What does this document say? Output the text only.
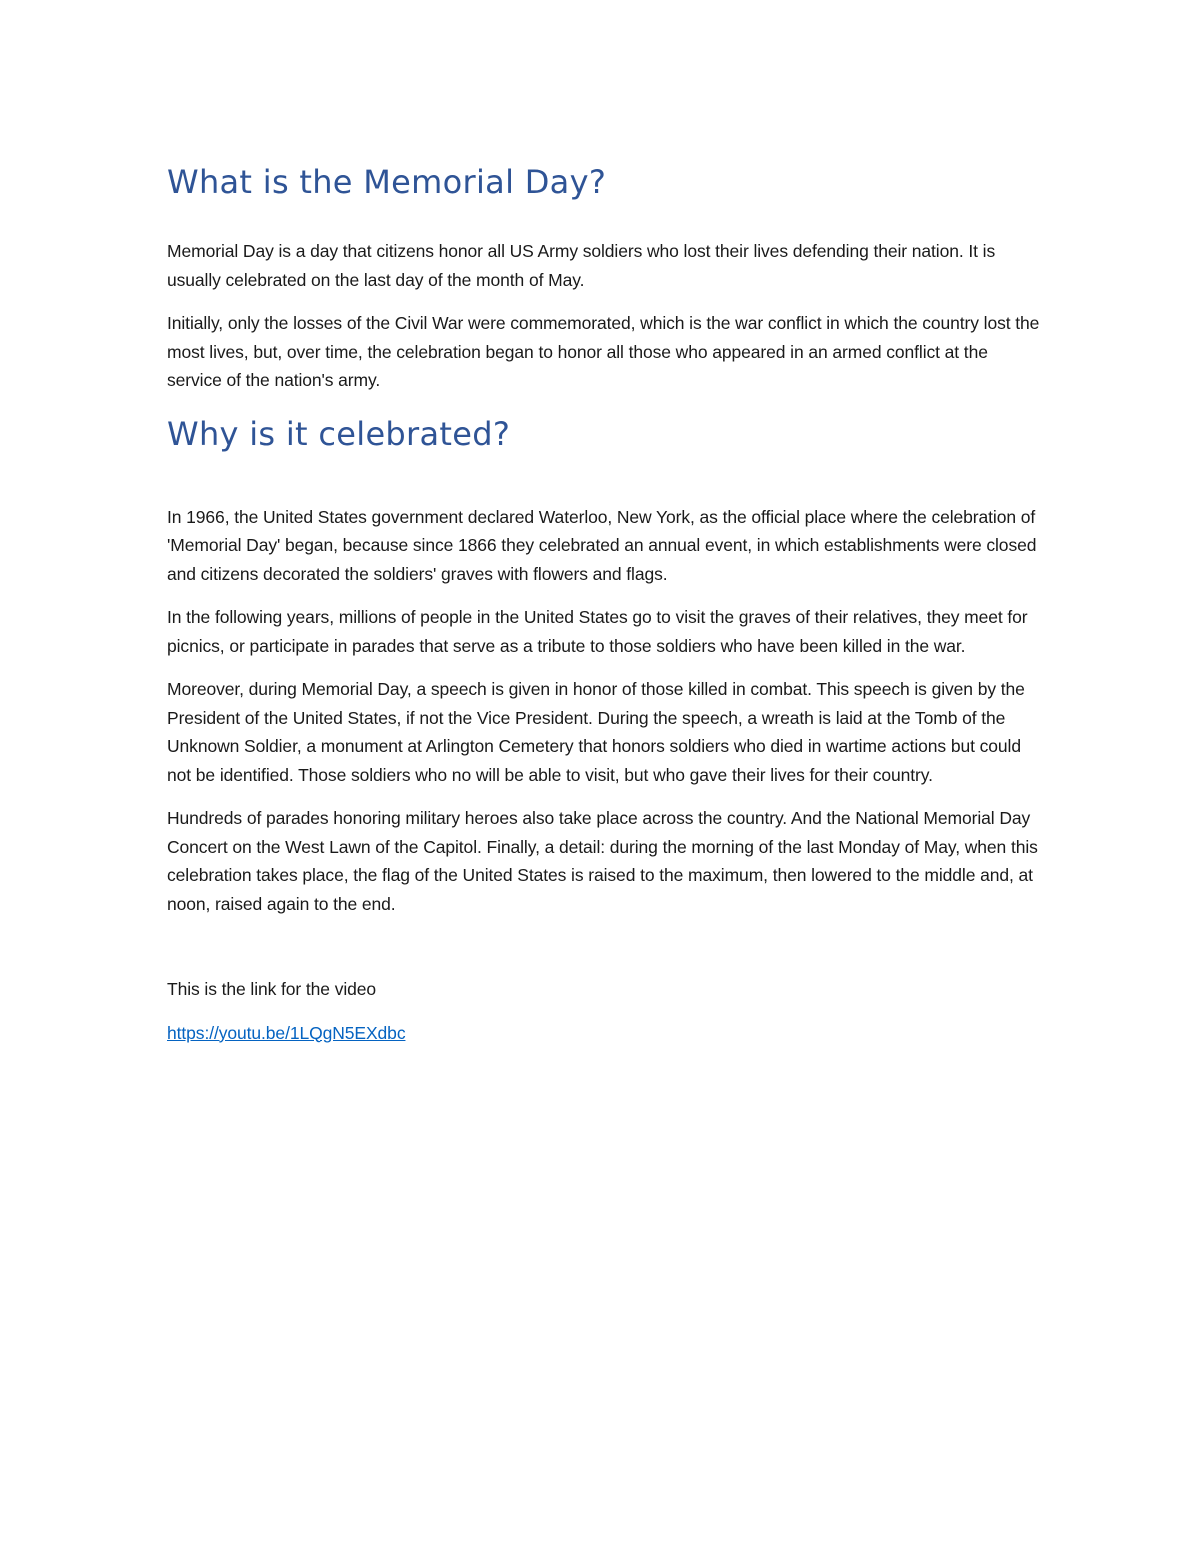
What is the Memorial Day?

Memorial Day is a day that citizens honor all US Army soldiers who lost their lives defending their nation. It is usually celebrated on the last day of the month of May.

Initially, only the losses of the Civil War were commemorated, which is the war conflict in which the country lost the most lives, but, over time, the celebration began to honor all those who appeared in an armed conflict at the service of the nation's army.

Why is it celebrated?

In 1966, the United States government declared Waterloo, New York, as the official place where the celebration of 'Memorial Day' began, because since 1866 they celebrated an annual event, in which establishments were closed and citizens decorated the soldiers' graves with flowers and flags.

In the following years, millions of people in the United States go to visit the graves of their relatives, they meet for picnics, or participate in parades that serve as a tribute to those soldiers who have been killed in the war.

Moreover, during Memorial Day, a speech is given in honor of those killed in combat. This speech is given by the President of the United States, if not the Vice President. During the speech, a wreath is laid at the Tomb of the Unknown Soldier, a monument at Arlington Cemetery that honors soldiers who died in wartime actions but could not be identified. Those soldiers who no will be able to visit, but who gave their lives for their country.

Hundreds of parades honoring military heroes also take place across the country. And the National Memorial Day Concert on the West Lawn of the Capitol. Finally, a detail: during the morning of the last Monday of May, when this celebration takes place, the flag of the United States is raised to the maximum, then lowered to the middle and, at noon, raised again to the end.

This is the link for the video

https://youtu.be/1LQgN5EXdbc
